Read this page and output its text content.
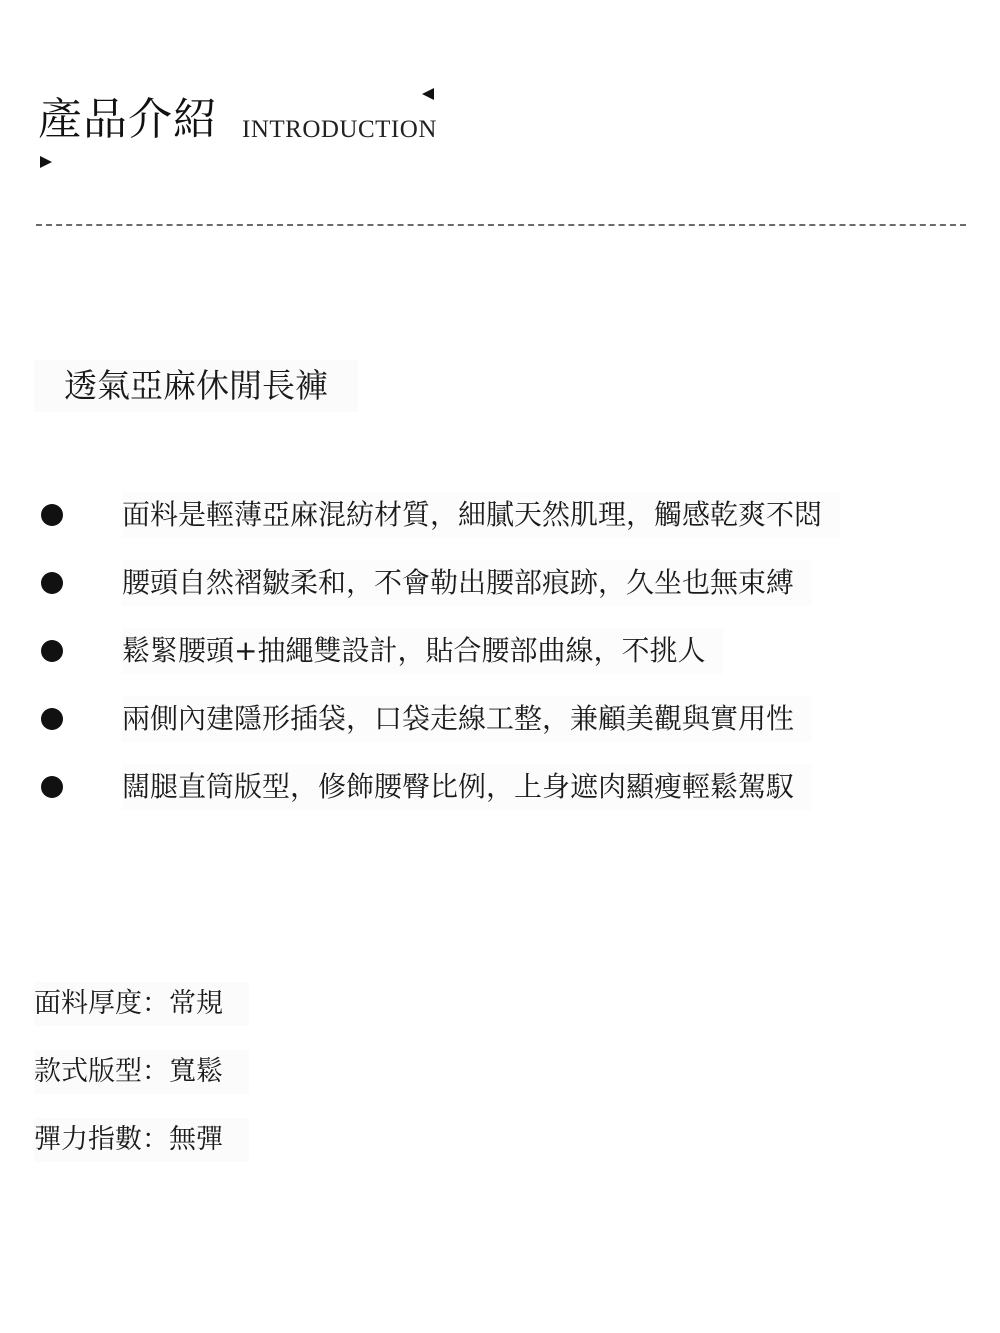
產品介紹 INTRODUCTION
透氣亞麻休閒長褲
面料是輕薄亞麻混紡材質，細膩天然肌理，觸感乾爽不悶
腰頭自然褶皺柔和，不會勒出腰部痕跡，久坐也無束縛
鬆緊腰頭+抽繩雙設計，貼合腰部曲線，不挑人
兩側內建隱形插袋，口袋走線工整，兼顧美觀與實用性
闊腿直筒版型，修飾腰臀比例，上身遮肉顯瘦輕鬆駕馭
面料厚度：常規
款式版型：寬鬆
彈力指數：無彈
